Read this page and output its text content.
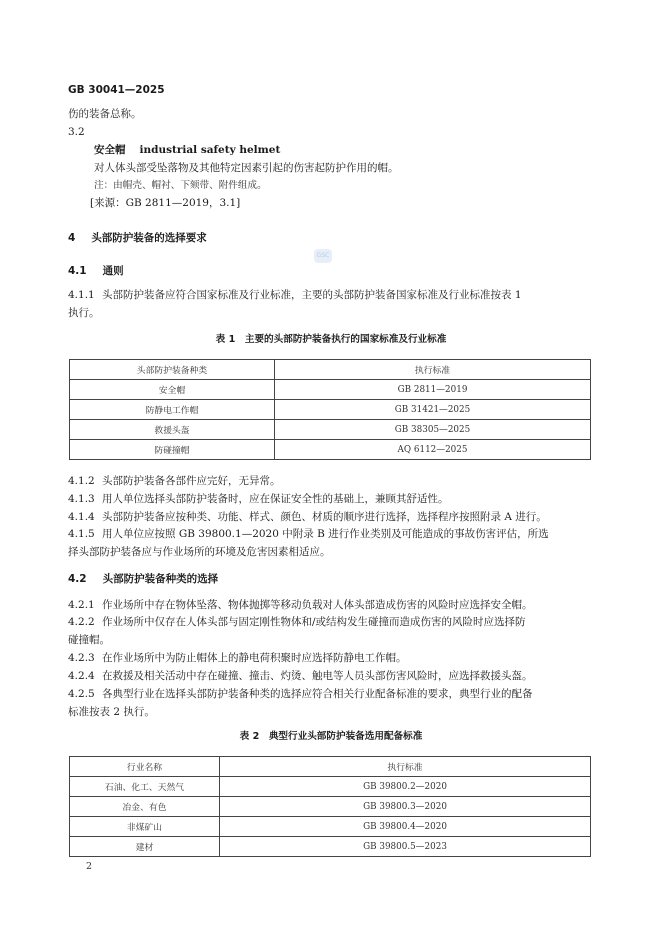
GB 30041—2025
伤的装备总称。
3.2
安全帽 industrial safety helmet
对人体头部受坠落物及其他特定因素引起的伤害起防护作用的帽。
注：由帽壳、帽衬、下颏带、附件组成。
[来源：GB 2811—2019，3.1]
4 头部防护装备的选择要求
GSC
4.1 通则
4.1.1 头部防护装备应符合国家标准及行业标准，主要的头部防护装备国家标准及行业标准按表 1
执行。
表 1　主要的头部防护装备执行的国家标准及行业标准
头部防护装备种类	执行标准
安全帽	GB 2811—2019
防静电工作帽	GB 31421—2025
救援头盔	GB 38305—2025
防碰撞帽	AQ 6112—2025
4.1.2 头部防护装备各部件应完好，无异常。
4.1.3 用人单位选择头部防护装备时，应在保证安全性的基础上，兼顾其舒适性。
4.1.4 头部防护装备应按种类、功能、样式、颜色、材质的顺序进行选择，选择程序按照附录 A 进行。
4.1.5 用人单位应按照 GB 39800.1—2020 中附录 B 进行作业类别及可能造成的事故伤害评估，所选
择头部防护装备应与作业场所的环境及危害因素相适应。
4.2 头部防护装备种类的选择
4.2.1 作业场所中存在物体坠落、物体抛掷等移动负载对人体头部造成伤害的风险时应选择安全帽。
4.2.2 作业场所中仅存在人体头部与固定刚性物体和/或结构发生碰撞而造成伤害的风险时应选择防
碰撞帽。
4.2.3 在作业场所中为防止帽体上的静电荷积聚时应选择防静电工作帽。
4.2.4 在救援及相关活动中存在碰撞、撞击、灼烫、触电等人员头部伤害风险时，应选择救援头盔。
4.2.5 各典型行业在选择头部防护装备种类的选择应符合相关行业配备标准的要求，典型行业的配备
标准按表 2 执行。
表 2　典型行业头部防护装备选用配备标准
行业名称	执行标准
石油、化工、天然气	GB 39800.2—2020
冶金、有色	GB 39800.3—2020
非煤矿山	GB 39800.4—2020
建材	GB 39800.5—2023
2
